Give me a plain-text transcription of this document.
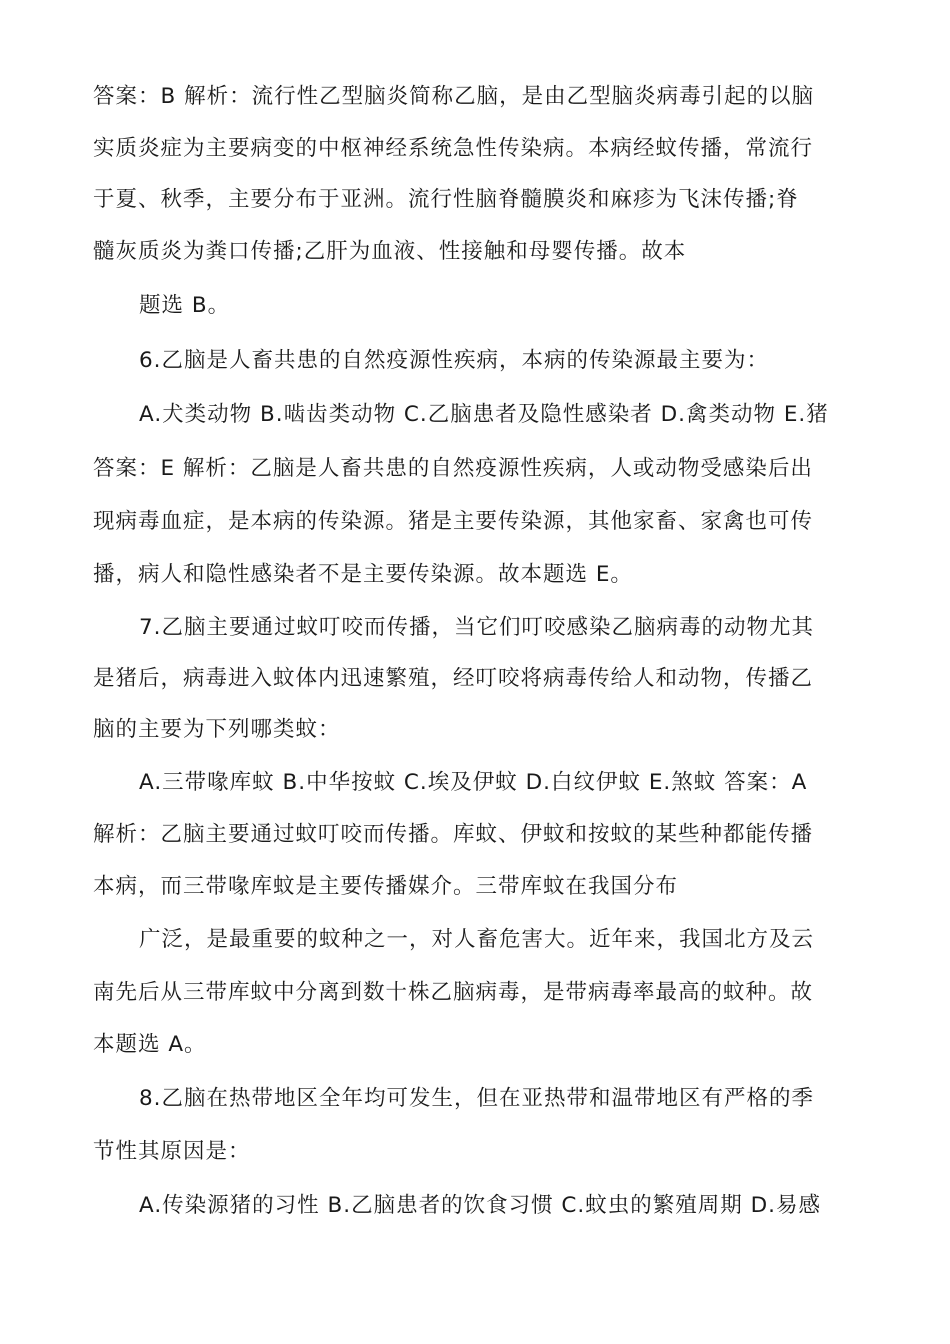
答案：B 解析：流行性乙型脑炎简称乙脑，是由乙型脑炎病毒引起的以脑
实质炎症为主要病变的中枢神经系统急性传染病。本病经蚊传播，常流行
于夏、秋季，主要分布于亚洲。流行性脑脊髓膜炎和麻疹为飞沫传播;脊
髓灰质炎为粪口传播;乙肝为血液、性接触和母婴传播。故本
题选 B。
6.乙脑是人畜共患的自然疫源性疾病，本病的传染源最主要为：
A.犬类动物 B.啮齿类动物 C.乙脑患者及隐性感染者 D.禽类动物 E.猪
答案：E 解析：乙脑是人畜共患的自然疫源性疾病，人或动物受感染后出
现病毒血症，是本病的传染源。猪是主要传染源，其他家畜、家禽也可传
播，病人和隐性感染者不是主要传染源。故本题选 E。
7.乙脑主要通过蚊叮咬而传播，当它们叮咬感染乙脑病毒的动物尤其
是猪后，病毒进入蚊体内迅速繁殖，经叮咬将病毒传给人和动物，传播乙
脑的主要为下列哪类蚊：
A.三带喙库蚊 B.中华按蚊 C.埃及伊蚊 D.白纹伊蚊 E.煞蚊 答案：A
解析：乙脑主要通过蚊叮咬而传播。库蚊、伊蚊和按蚊的某些种都能传播
本病，而三带喙库蚊是主要传播媒介。三带库蚊在我国分布
广泛，是最重要的蚊种之一，对人畜危害大。近年来，我国北方及云
南先后从三带库蚊中分离到数十株乙脑病毒，是带病毒率最高的蚊种。故
本题选 A。
8.乙脑在热带地区全年均可发生，但在亚热带和温带地区有严格的季
节性其原因是：
A.传染源猪的习性 B.乙脑患者的饮食习惯 C.蚊虫的繁殖周期 D.易感
